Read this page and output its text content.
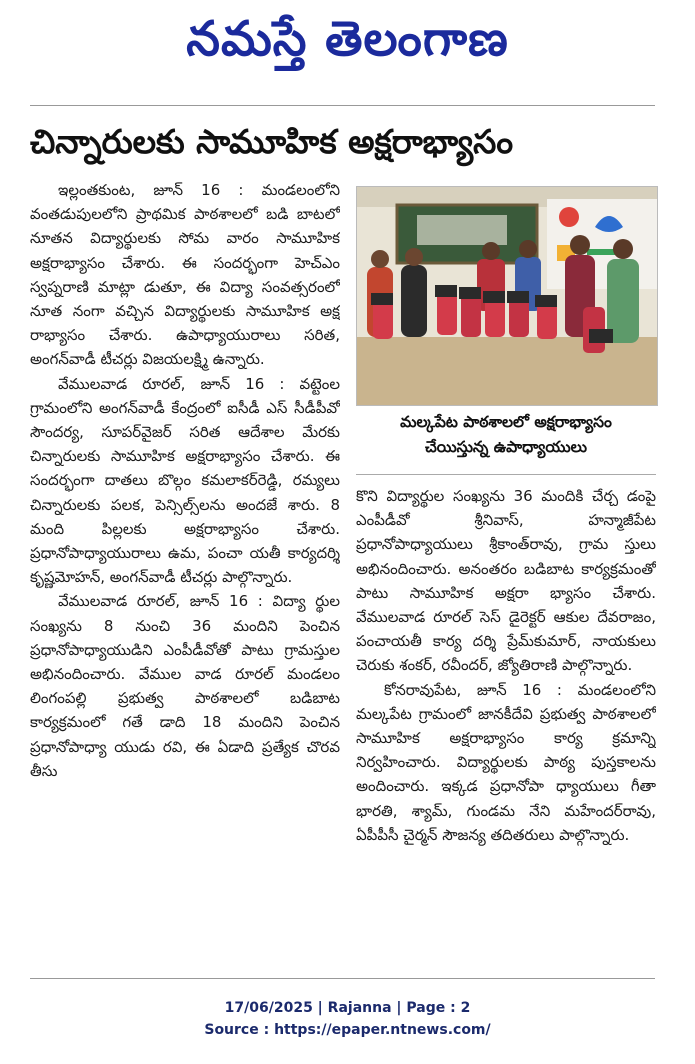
నమస్తే తెలంగాణ
చిన్నారులకు సామూహిక అక్షరాభ్యాసం

ఇల్లంతకుంట, జూన్ 16 : మండలంలోని వంతడుపులలోని ప్రాథమిక పాఠశాలలో బడి బాటలో నూతన విద్యార్థులకు సోమ వారం సామూహిక అక్షరాభ్యాసం చేశారు. ఈ సందర్భంగా హెచ్ఎం స్వప్నరాణి మాట్లా డుతూ, ఈ విద్యా సంవత్సరంలో నూత నంగా వచ్చిన విద్యార్థులకు సామూహిక అక్ష రాభ్యాసం చేశారు. ఉపాధ్యాయురాలు సరిత, అంగన్‌వాడీ టీచర్లు విజయలక్ష్మి ఉన్నారు.

వేములవాడ రూరల్, జూన్ 16 : వట్టెంల గ్రామంలోని అంగన్‌వాడీ కేంద్రంలో ఐసీడీ ఎస్ సీడీపీవో సౌందర్య, సూపర్‌వైజర్ సరిత ఆదేశాల మేరకు చిన్నారులకు సామూహిక అక్షరాభ్యాసం చేశారు. ఈ సందర్భంగా దాతలు బొల్గం కమలాకర్‌రెడ్డి, రమ్యలు చిన్నారులకు పలక, పెన్సిల్స్‌లను అందజే శారు. 8 మంది పిల్లలకు అక్షరాభ్యాసం చేశారు. ప్రధానోపాధ్యాయురాలు ఉమ, పంచా యతీ కార్యదర్శి కృష్ణమోహన్, అంగన్‌వాడీ టీచర్లు పాల్గొన్నారు.

వేములవాడ రూరల్, జూన్ 16 : విద్యా ర్థుల సంఖ్యను 8 నుంచి 36 మందిని పెంచిన ప్రధానోపాధ్యాయుడిని ఎంపీడీవోతో పాటు గ్రామస్తుల అభినందించారు. వేముల వాడ రూరల్ మండలం లింగంపల్లి ప్రభుత్వ పాఠశాలలో బడిబాట కార్యక్రమంలో గతే డాది 18 మందిని పెంచిన ప్రధానోపాధ్యా యుడు రవి, ఈ ఏడాది ప్రత్యేక చొరవ తీసు

మల్కపేట పాఠశాలలో అక్షరాభ్యాసం
చేయిస్తున్న ఉపాధ్యాయులు

కొని విద్యార్థుల సంఖ్యను 36 మందికి చేర్చ డంపై ఎంపీడీవో శ్రీనివాస్, హన్మాజీపేట ప్రధానోపాధ్యాయులు శ్రీకాంత్‌రావు, గ్రామ స్తులు అభినందించారు. అనంతరం బడిబాట కార్యక్రమంతో పాటు సామూహిక అక్షరా భ్యాసం చేశారు. వేములవాడ రూరల్ సెస్ డైరెక్టర్ ఆకుల దేవరాజం, పంచాయతీ కార్య దర్శి ప్రేమ్‌కుమార్, నాయకులు చెరుకు శంకర్, రవీందర్, జ్యోతిరాణి పాల్గొన్నారు.

కోనరావుపేట, జూన్ 16 : మండలంలోని మల్కపేట గ్రామంలో జానకీదేవి ప్రభుత్వ పాఠశాలలో సామూహిక అక్షరాభ్యాసం కార్య క్రమాన్ని నిర్వహించారు. విద్యార్థులకు పాఠ్య పుస్తకాలను అందించారు. ఇక్కడ ప్రధానోపా ధ్యాయులు గీతా భారతి, శ్యామ్, గుండమ నేని మహేందర్‌రావు, ఏపీపీసీ చైర్మన్ సౌజన్య తదితరులు పాల్గొన్నారు.

17/06/2025 | Rajanna | Page : 2
Source : https://epaper.ntnews.com/
